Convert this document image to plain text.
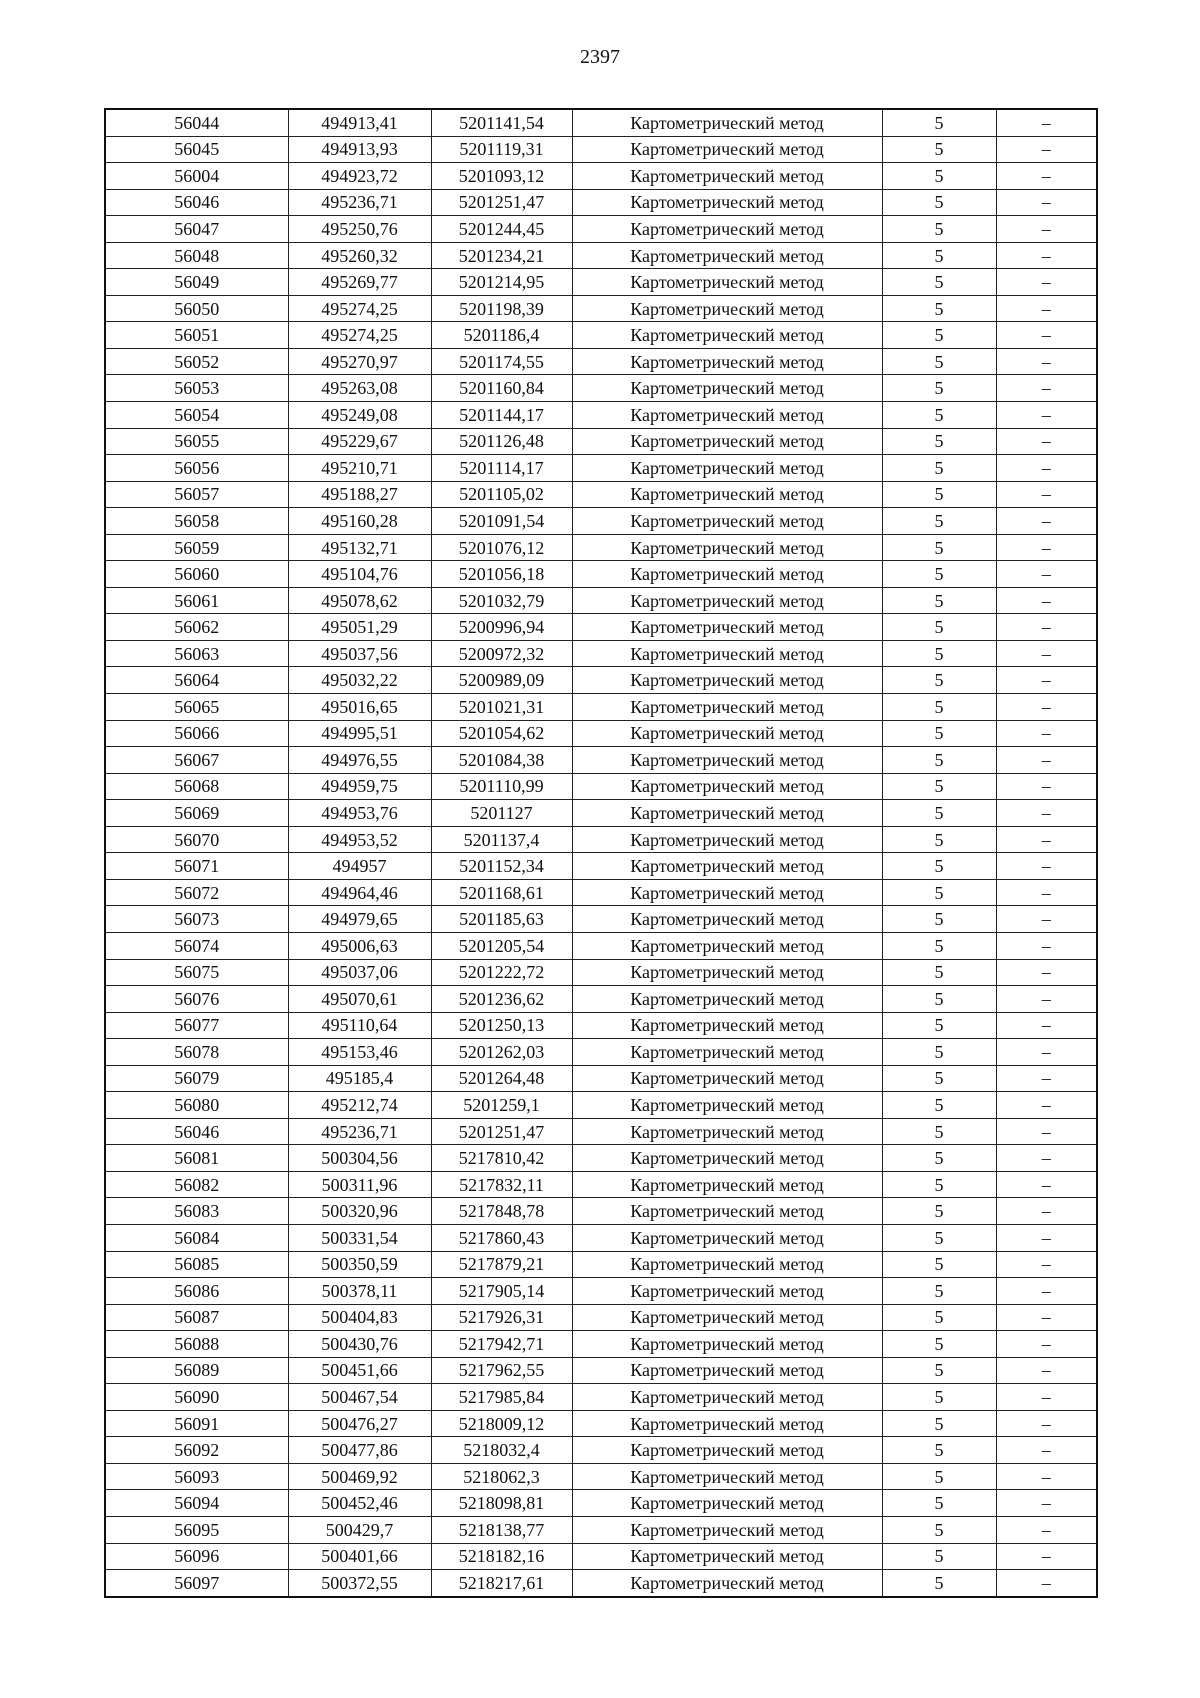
2397
56044	494913,41	5201141,54	Картометрический метод	5	–
56045	494913,93	5201119,31	Картометрический метод	5	–
56004	494923,72	5201093,12	Картометрический метод	5	–
56046	495236,71	5201251,47	Картометрический метод	5	–
56047	495250,76	5201244,45	Картометрический метод	5	–
56048	495260,32	5201234,21	Картометрический метод	5	–
56049	495269,77	5201214,95	Картометрический метод	5	–
56050	495274,25	5201198,39	Картометрический метод	5	–
56051	495274,25	5201186,4	Картометрический метод	5	–
56052	495270,97	5201174,55	Картометрический метод	5	–
56053	495263,08	5201160,84	Картометрический метод	5	–
56054	495249,08	5201144,17	Картометрический метод	5	–
56055	495229,67	5201126,48	Картометрический метод	5	–
56056	495210,71	5201114,17	Картометрический метод	5	–
56057	495188,27	5201105,02	Картометрический метод	5	–
56058	495160,28	5201091,54	Картометрический метод	5	–
56059	495132,71	5201076,12	Картометрический метод	5	–
56060	495104,76	5201056,18	Картометрический метод	5	–
56061	495078,62	5201032,79	Картометрический метод	5	–
56062	495051,29	5200996,94	Картометрический метод	5	–
56063	495037,56	5200972,32	Картометрический метод	5	–
56064	495032,22	5200989,09	Картометрический метод	5	–
56065	495016,65	5201021,31	Картометрический метод	5	–
56066	494995,51	5201054,62	Картометрический метод	5	–
56067	494976,55	5201084,38	Картометрический метод	5	–
56068	494959,75	5201110,99	Картометрический метод	5	–
56069	494953,76	5201127	Картометрический метод	5	–
56070	494953,52	5201137,4	Картометрический метод	5	–
56071	494957	5201152,34	Картометрический метод	5	–
56072	494964,46	5201168,61	Картометрический метод	5	–
56073	494979,65	5201185,63	Картометрический метод	5	–
56074	495006,63	5201205,54	Картометрический метод	5	–
56075	495037,06	5201222,72	Картометрический метод	5	–
56076	495070,61	5201236,62	Картометрический метод	5	–
56077	495110,64	5201250,13	Картометрический метод	5	–
56078	495153,46	5201262,03	Картометрический метод	5	–
56079	495185,4	5201264,48	Картометрический метод	5	–
56080	495212,74	5201259,1	Картометрический метод	5	–
56046	495236,71	5201251,47	Картометрический метод	5	–
56081	500304,56	5217810,42	Картометрический метод	5	–
56082	500311,96	5217832,11	Картометрический метод	5	–
56083	500320,96	5217848,78	Картометрический метод	5	–
56084	500331,54	5217860,43	Картометрический метод	5	–
56085	500350,59	5217879,21	Картометрический метод	5	–
56086	500378,11	5217905,14	Картометрический метод	5	–
56087	500404,83	5217926,31	Картометрический метод	5	–
56088	500430,76	5217942,71	Картометрический метод	5	–
56089	500451,66	5217962,55	Картометрический метод	5	–
56090	500467,54	5217985,84	Картометрический метод	5	–
56091	500476,27	5218009,12	Картометрический метод	5	–
56092	500477,86	5218032,4	Картометрический метод	5	–
56093	500469,92	5218062,3	Картометрический метод	5	–
56094	500452,46	5218098,81	Картометрический метод	5	–
56095	500429,7	5218138,77	Картометрический метод	5	–
56096	500401,66	5218182,16	Картометрический метод	5	–
56097	500372,55	5218217,61	Картометрический метод	5	–
